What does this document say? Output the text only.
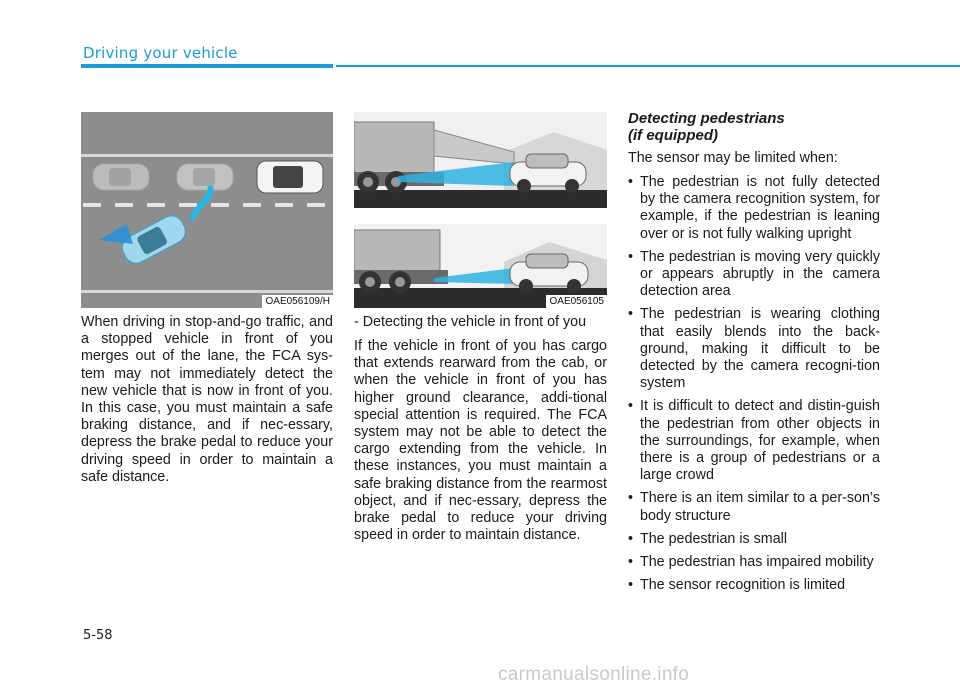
Driving your vehicle
OAE056109/H	OAE056105

When driving in stop-and-go traffic, and a stopped vehicle in front of you merges out of the lane, the FCA sys-tem may not immediately detect the new vehicle that is now in front of you. In this case, you must maintain a safe braking distance, and if nec-essary, depress the brake pedal to reduce your driving speed in order to maintain a safe distance.

- Detecting the vehicle in front of you

If the vehicle in front of you has cargo that extends rearward from the cab, or when the vehicle in front of you has higher ground clearance, addi-tional special attention is required. The FCA system may not be able to detect the cargo extending from the vehicle. In these instances, you must maintain a safe braking distance from the rearmost object, and if nec-essary, depress the brake pedal to reduce your driving speed in order to maintain distance.

Detecting pedestrians
(if equipped)

The sensor may be limited when:

• The pedestrian is not fully detected by the camera recognition system, for example, if the pedestrian is leaning over or is not fully walking upright
• The pedestrian is moving very quickly or appears abruptly in the camera detection area
• The pedestrian is wearing clothing that easily blends into the back-ground, making it difficult to be detected by the camera recogni-tion system
• It is difficult to detect and distin-guish the pedestrian from other objects in the surroundings, for example, when there is a group of pedestrians or a large crowd
• There is an item similar to a per-son’s body structure
• The pedestrian is small
• The pedestrian has impaired mobility
• The sensor recognition is limited
5-58
carmanualsonline.info
